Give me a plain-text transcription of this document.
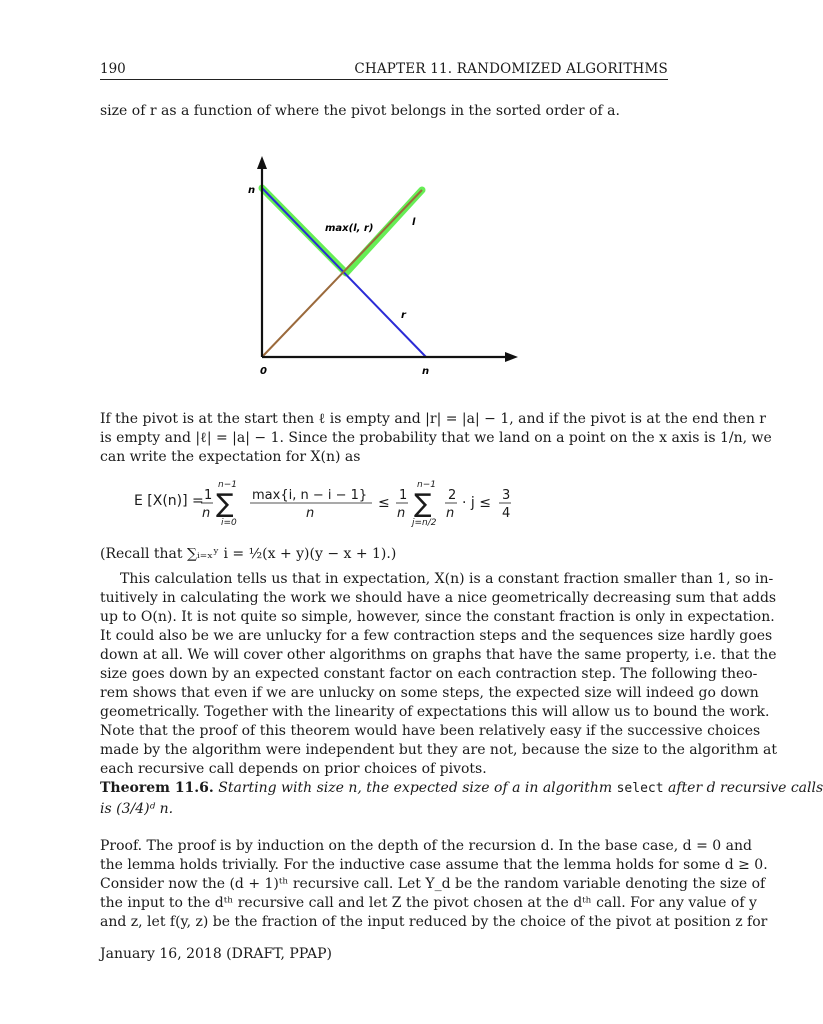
190	CHAPTER 11. RANDOMIZED ALGORITHMS
size of r as a function of where the pivot belongs in the sorted order of a.
n
max(l, r)
l
r
0	n
If the pivot is at the start then ℓ is empty and |r| = |a| − 1, and if the pivot is at the end then r
is empty and |ℓ| = |a| − 1. Since the probability that we land on a point on the x axis is 1/n, we
can write the expectation for X(n) as
E [X(n)] = 1
n
n−1
∑
i=0
max{i, n − i − 1}
n
≤ 1
n
n−1
∑
j=n/2
2
n
· j ≤ 3
4
(Recall that ∑ᵢ₌ₓʸ i = ½(x + y)(y − x + 1).)
This calculation tells us that in expectation, X(n) is a constant fraction smaller than 1, so in-
tuitively in calculating the work we should have a nice geometrically decreasing sum that adds
up to O(n). It is not quite so simple, however, since the constant fraction is only in expectation.
It could also be we are unlucky for a few contraction steps and the sequences size hardly goes
down at all. We will cover other algorithms on graphs that have the same property, i.e. that the
size goes down by an expected constant factor on each contraction step. The following theo-
rem shows that even if we are unlucky on some steps, the expected size will indeed go down
geometrically. Together with the linearity of expectations this will allow us to bound the work.
Note that the proof of this theorem would have been relatively easy if the successive choices
made by the algorithm were independent but they are not, because the size to the algorithm at
each recursive call depends on prior choices of pivots.
Theorem 11.6. Starting with size n, the expected size of a in algorithm select after d recursive calls
is (3/4)ᵈ n.
Proof. The proof is by induction on the depth of the recursion d. In the base case, d = 0 and
the lemma holds trivially. For the inductive case assume that the lemma holds for some d ≥ 0.
Consider now the (d + 1)ᵗʰ recursive call. Let Y_d be the random variable denoting the size of
the input to the dᵗʰ recursive call and let Z the pivot chosen at the dᵗʰ call. For any value of y
and z, let f(y, z) be the fraction of the input reduced by the choice of the pivot at position z for
January 16, 2018 (DRAFT, PPAP)
